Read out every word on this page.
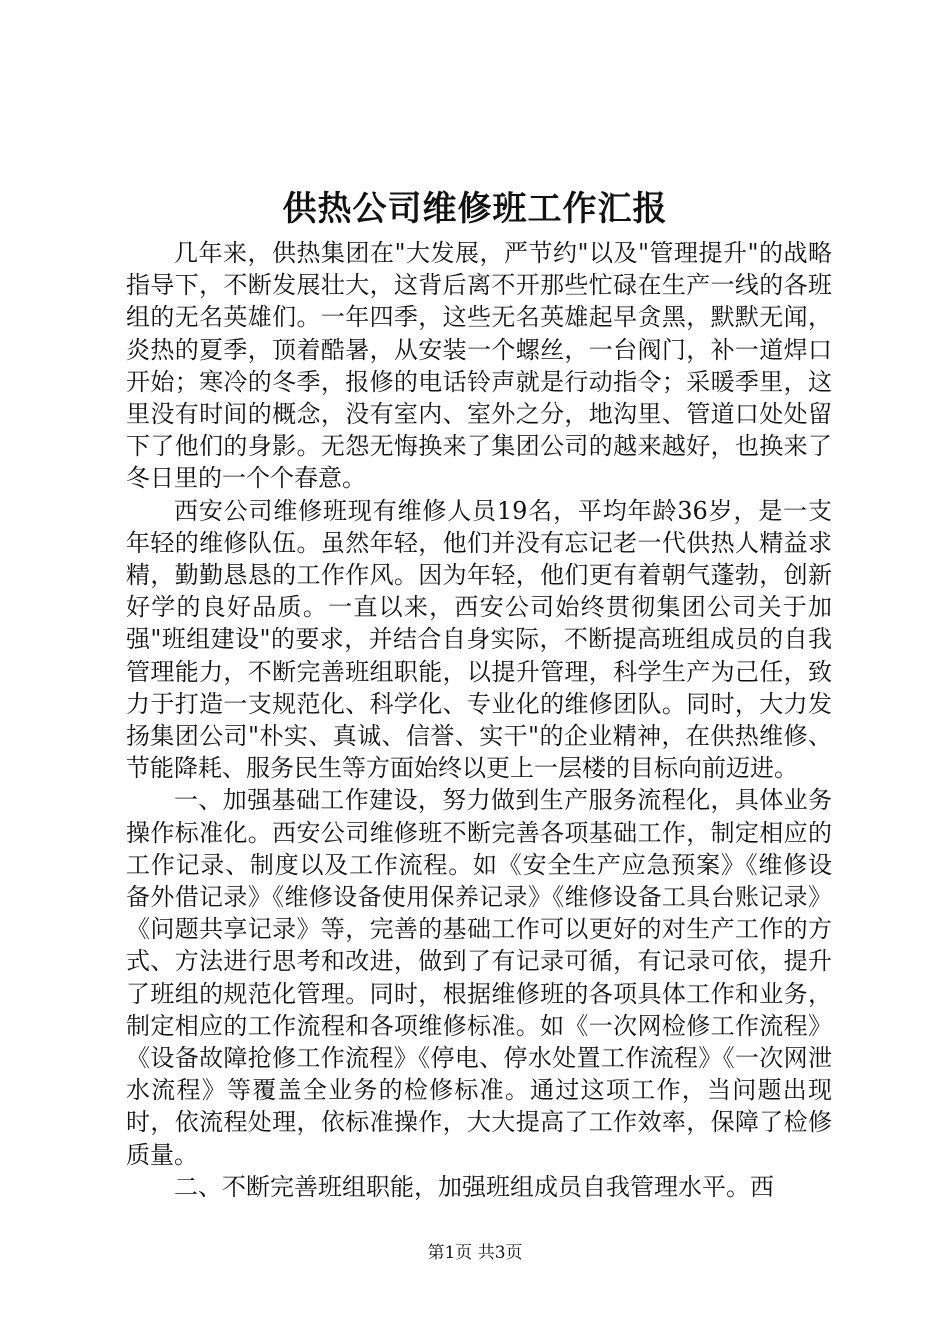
供热公司维修班工作汇报

几年来，供热集团在"大发展，严节约"以及"管理提升"的战略指导下，不断发展壮大，这背后离不开那些忙碌在生产一线的各班组的无名英雄们。一年四季，这些无名英雄起早贪黑，默默无闻，炎热的夏季，顶着酷暑，从安装一个螺丝，一台阀门，补一道焊口开始；寒冷的冬季，报修的电话铃声就是行动指令；采暖季里，这里没有时间的概念，没有室内、室外之分，地沟里、管道口处处留下了他们的身影。无怨无悔换来了集团公司的越来越好，也换来了冬日里的一个个春意。

西安公司维修班现有维修人员19名，平均年龄36岁，是一支年轻的维修队伍。虽然年轻，他们并没有忘记老一代供热人精益求精，勤勤恳恳的工作作风。因为年轻，他们更有着朝气蓬勃，创新好学的良好品质。一直以来，西安公司始终贯彻集团公司关于加强"班组建设"的要求，并结合自身实际，不断提高班组成员的自我管理能力，不断完善班组职能，以提升管理，科学生产为己任，致力于打造一支规范化、科学化、专业化的维修团队。同时，大力发扬集团公司"朴实、真诚、信誉、实干"的企业精神，在供热维修、节能降耗、服务民生等方面始终以更上一层楼的目标向前迈进。

一、加强基础工作建设，努力做到生产服务流程化，具体业务操作标准化。西安公司维修班不断完善各项基础工作，制定相应的工作记录、制度以及工作流程。如《安全生产应急预案》《维修设备外借记录》《维修设备使用保养记录》《维修设备工具台账记录》《问题共享记录》等，完善的基础工作可以更好的对生产工作的方式、方法进行思考和改进，做到了有记录可循，有记录可依，提升了班组的规范化管理。同时，根据维修班的各项具体工作和业务，制定相应的工作流程和各项维修标准。如《一次网检修工作流程》《设备故障抢修工作流程》《停电、停水处置工作流程》《一次网泄水流程》等覆盖全业务的检修标准。通过这项工作，当问题出现时，依流程处理，依标准操作，大大提高了工作效率，保障了检修质量。

二、不断完善班组职能，加强班组成员自我管理水平。西

第1页 共3页
